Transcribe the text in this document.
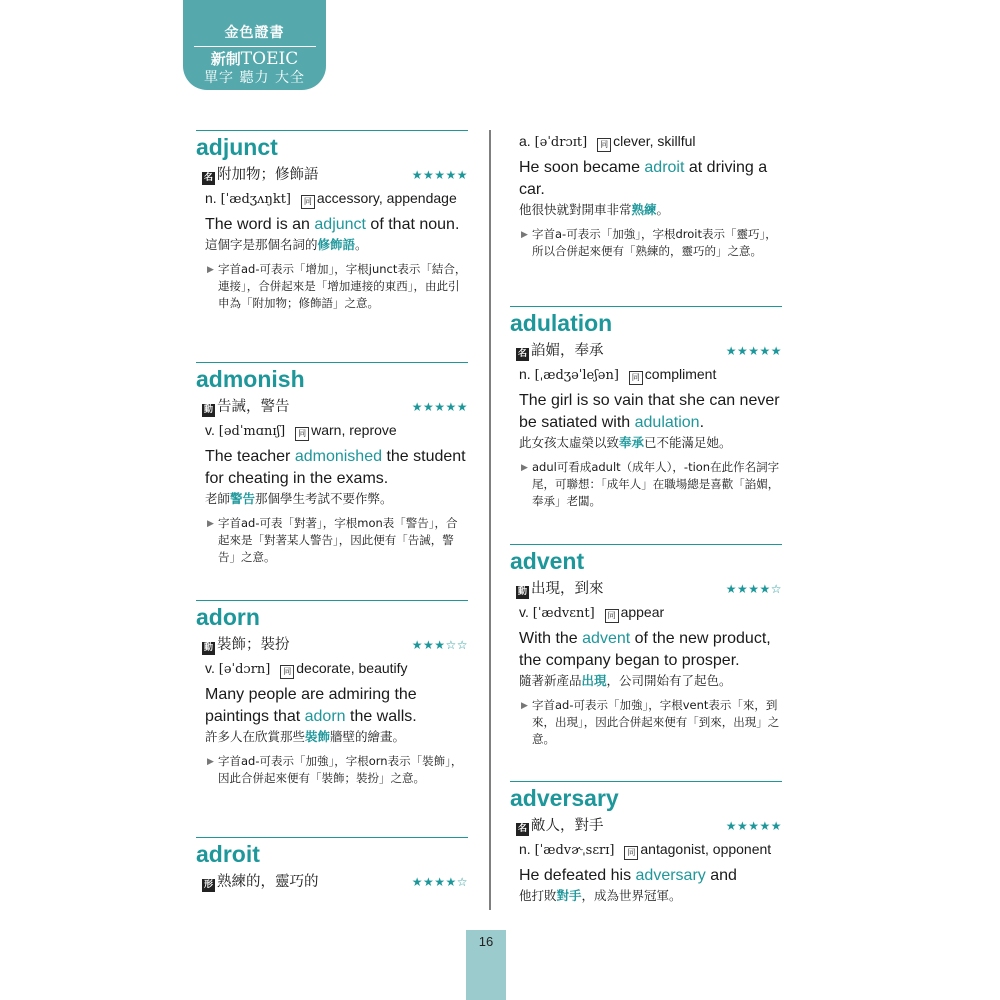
金色證書
新制TOEIC
單字 聽力 大全
adjunct
名 附加物；修飾語	★★★★★
n. [ˈædʒʌŋkt] 同 accessory, appendage
The word is an adjunct of that noun.
這個字是那個名詞的修飾語。
▶ 字首ad-可表示「增加」，字根junct表示「結合，連接」，合併起來是「增加連接的東西」，由此引申為「附加物；修飾語」之意。
admonish
動 告誡，警告	★★★★★
v. [ədˈmɑnɪʃ] 同 warn, reprove
The teacher admonished the student for cheating in the exams.
老師警告那個學生考試不要作弊。
▶ 字首ad-可表「對著」，字根mon表「警告」，合起來是「對著某人警告」，因此便有「告誡，警告」之意。
adorn
動 裝飾；裝扮	★★★☆☆
v. [əˈdɔrn] 同 decorate, beautify
Many people are admiring the paintings that adorn the walls.
許多人在欣賞那些裝飾牆壁的繪畫。
▶ 字首ad-可表示「加強」，字根orn表示「裝飾」，因此合併起來便有「裝飾；裝扮」之意。
adroit
形 熟練的，靈巧的	★★★★☆
a. [əˈdrɔɪt] 同 clever, skillful
He soon became adroit at driving a car.
他很快就對開車非常熟練。
▶ 字首a-可表示「加強」，字根droit表示「靈巧」，所以合併起來便有「熟練的，靈巧的」之意。
adulation
名 諂媚，奉承	★★★★★
n. [ˌædʒəˈleʃən] 同 compliment
The girl is so vain that she can never be satiated with adulation.
此女孩太虛榮以致奉承已不能滿足她。
▶ adul可看成adult（成年人），-tion在此作名詞字尾，可聯想：「成年人」在職場總是喜歡「諂媚，奉承」老闆。
advent
動 出現，到來	★★★★☆
v. [ˈædvɛnt] 同 appear
With the advent of the new product, the company began to prosper.
隨著新產品出現，公司開始有了起色。
▶ 字首ad-可表示「加強」，字根vent表示「來，到來，出現」，因此合併起來便有「到來，出現」之意。
adversary
名 敵人，對手	★★★★★
n. [ˈædvɚˌsɛrɪ] 同 antagonist, opponent
He defeated his adversary and
他打敗對手，成為世界冠軍。
16
